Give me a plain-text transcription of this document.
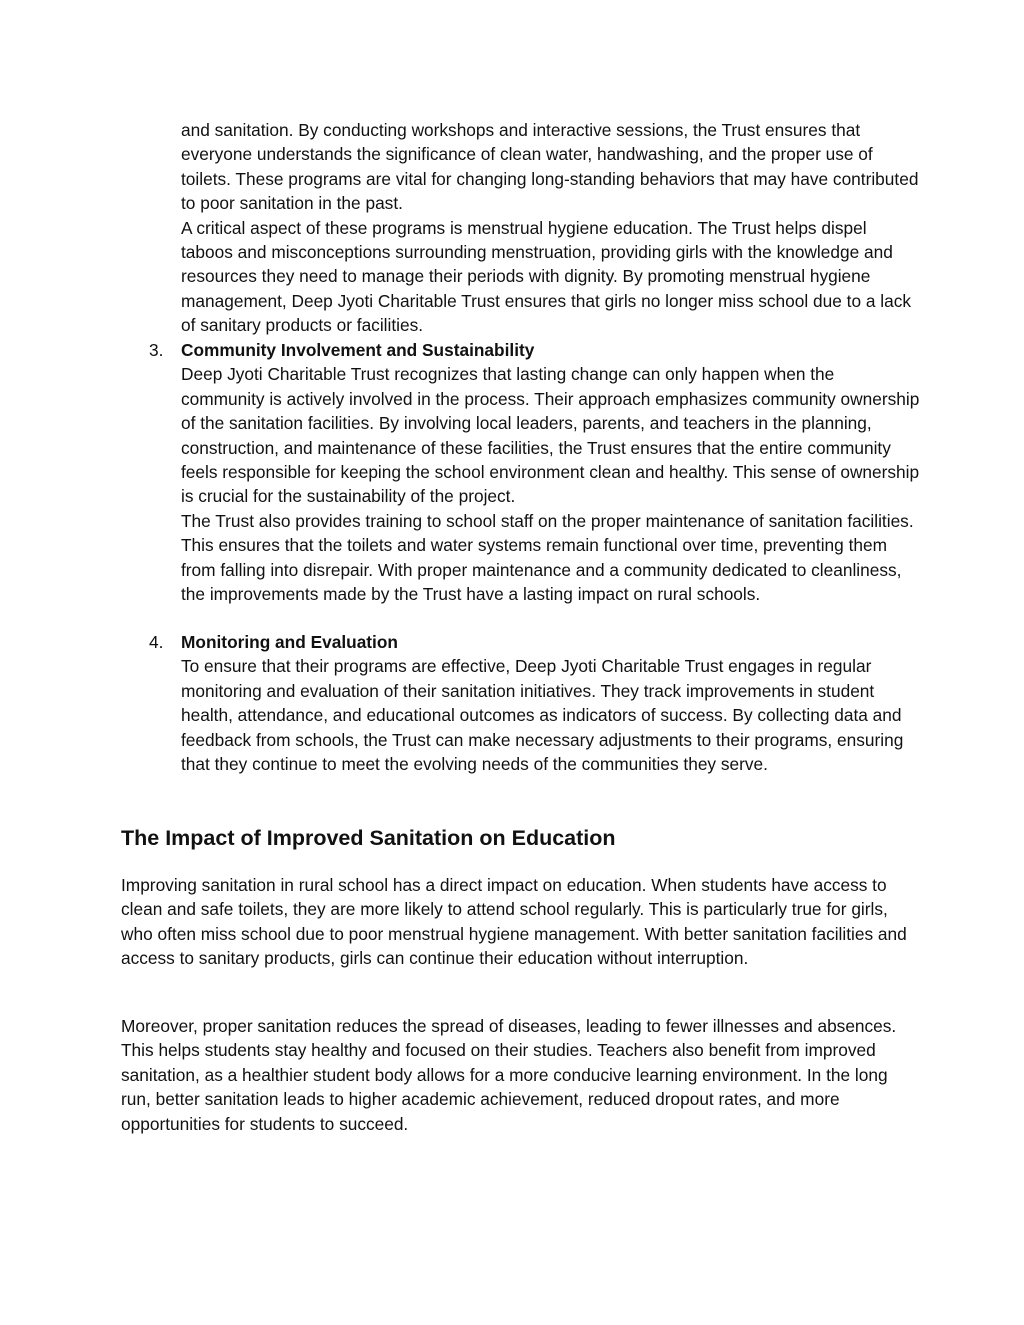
and sanitation. By conducting workshops and interactive sessions, the Trust ensures that everyone understands the significance of clean water, handwashing, and the proper use of toilets. These programs are vital for changing long-standing behaviors that may have contributed to poor sanitation in the past.

A critical aspect of these programs is menstrual hygiene education. The Trust helps dispel taboos and misconceptions surrounding menstruation, providing girls with the knowledge and resources they need to manage their periods with dignity. By promoting menstrual hygiene management, Deep Jyoti Charitable Trust ensures that girls no longer miss school due to a lack of sanitary products or facilities.

3.	Community Involvement and Sustainability

Deep Jyoti Charitable Trust recognizes that lasting change can only happen when the community is actively involved in the process. Their approach emphasizes community ownership of the sanitation facilities. By involving local leaders, parents, and teachers in the planning, construction, and maintenance of these facilities, the Trust ensures that the entire community feels responsible for keeping the school environment clean and healthy. This sense of ownership is crucial for the sustainability of the project.

The Trust also provides training to school staff on the proper maintenance of sanitation facilities. This ensures that the toilets and water systems remain functional over time, preventing them from falling into disrepair. With proper maintenance and a community dedicated to cleanliness, the improvements made by the Trust have a lasting impact on rural schools.

4.	Monitoring and Evaluation

To ensure that their programs are effective, Deep Jyoti Charitable Trust engages in regular monitoring and evaluation of their sanitation initiatives. They track improvements in student health, attendance, and educational outcomes as indicators of success. By collecting data and feedback from schools, the Trust can make necessary adjustments to their programs, ensuring that they continue to meet the evolving needs of the communities they serve.

The Impact of Improved Sanitation on Education

Improving sanitation in rural school has a direct impact on education. When students have access to clean and safe toilets, they are more likely to attend school regularly. This is particularly true for girls, who often miss school due to poor menstrual hygiene management. With better sanitation facilities and access to sanitary products, girls can continue their education without interruption.

Moreover, proper sanitation reduces the spread of diseases, leading to fewer illnesses and absences. This helps students stay healthy and focused on their studies. Teachers also benefit from improved sanitation, as a healthier student body allows for a more conducive learning environment. In the long run, better sanitation leads to higher academic achievement, reduced dropout rates, and more opportunities for students to succeed.
